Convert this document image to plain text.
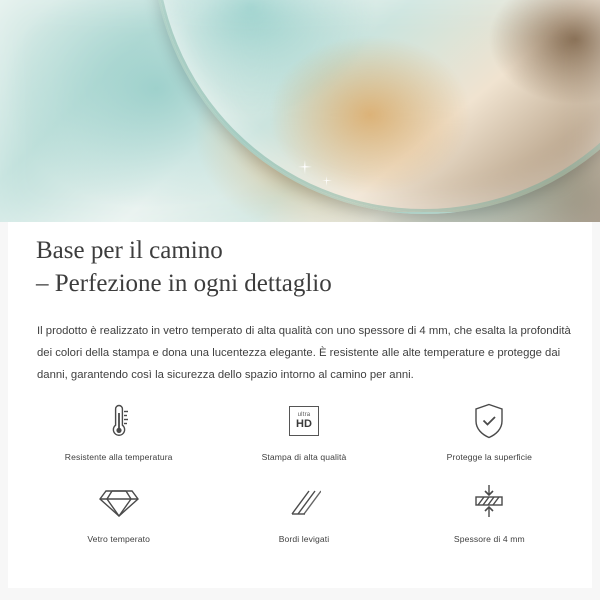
Base per il camino
– Perfezione in ogni dettaglio
Il prodotto è realizzato in vetro temperato di alta qualità con uno spessore di 4 mm, che esalta la profondità dei colori della stampa e dona una lucentezza elegante. È resistente alle alte temperature e protegge dai danni, garantendo così la sicurezza dello spazio intorno al camino per anni.
Resistente alla temperatura
ultra
HD
Stampa di alta qualità	Protegge la superficie
Vetro temperato	Bordi levigati	Spessore di 4 mm
